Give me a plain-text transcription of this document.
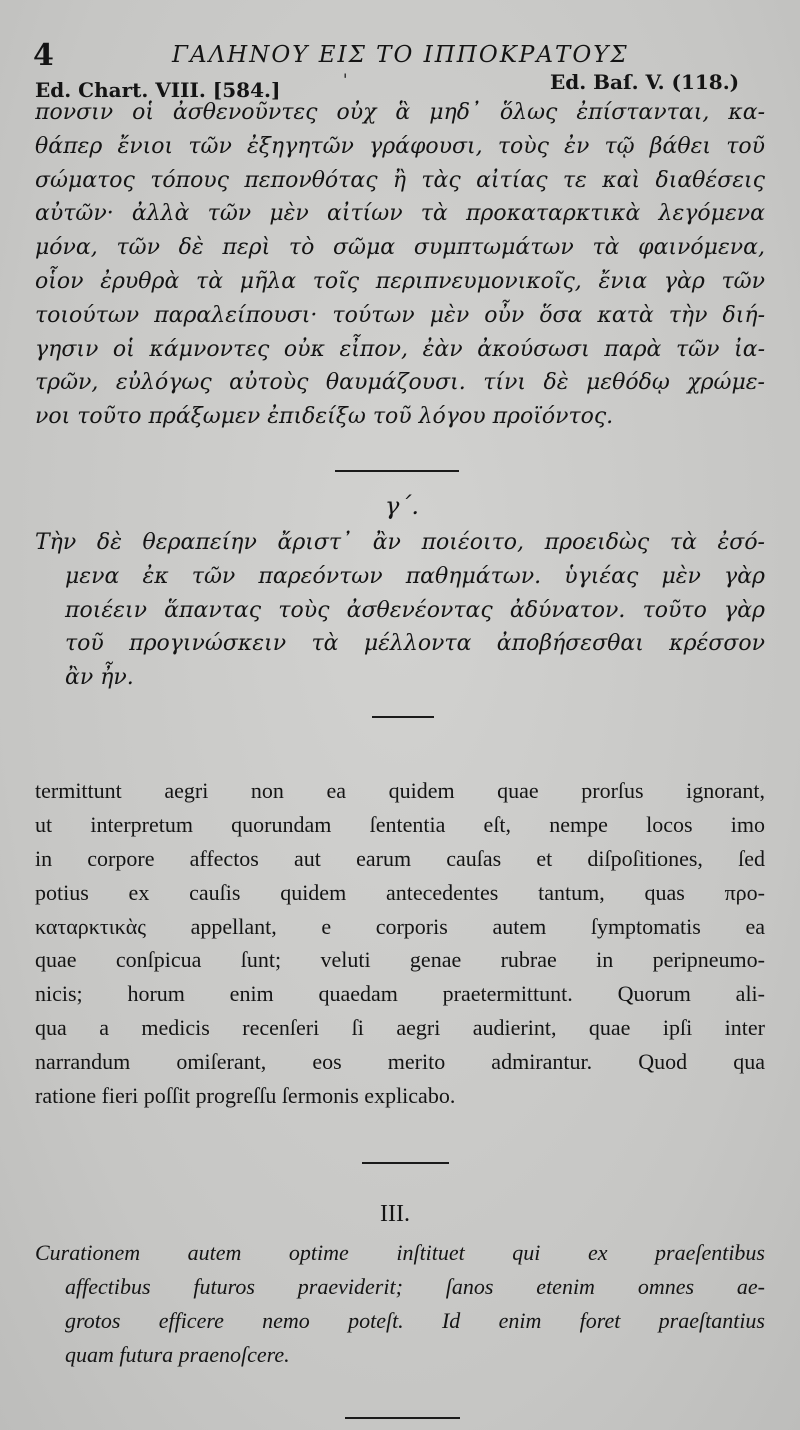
4	ΓΑΛΗΝΟΥ ΕΙΣ ΤΟ ΙΠΠΟΚΡΑΤΟΥΣ
Ed. Chart. VIII. [584.]	'	Ed. Baſ. V. (118.)
πονσιν οἱ ἀσθενοῦντες οὐχ ἃ μηδ᾽ ὅλως ἐπίστανται, κα-
θάπερ ἔνιοι τῶν ἐξηγητῶν γράφουσι, τοὺς ἐν τῷ βάθει τοῦ
σώματος τόπους πεπονθότας ἢ τὰς αἰτίας τε καὶ διαθέσεις
αὐτῶν· ἀλλὰ τῶν μὲν αἰτίων τὰ προκαταρκτικὰ λεγόμενα
μόνα, τῶν δὲ περὶ τὸ σῶμα συμπτωμάτων τὰ φαινόμενα,
οἷον ἐρυθρὰ τὰ μῆλα τοῖς περιπνευμονικοῖς, ἔνια γὰρ τῶν
τοιούτων παραλείπουσι· τούτων μὲν οὖν ὅσα κατὰ τὴν διή-
γησιν οἱ κάμνοντες οὐκ εἶπον, ἐὰν ἀκούσωσι παρὰ τῶν ἰα-
τρῶν, εὐλόγως αὐτοὺς θαυμάζουσι. τίνι δὲ μεθόδῳ χρώμε-
νοι τοῦτο πράξωμεν ἐπιδείξω τοῦ λόγου προϊόντος.
γ΄.
Τὴν δὲ θεραπείην ἄριστ᾽ ἂν ποιέοιτο, προειδὼς τὰ ἐσό-
μενα ἐκ τῶν παρεόντων παθημάτων. ὑγιέας μὲν γὰρ
ποιέειν ἅπαντας τοὺς ἀσθενέοντας ἀδύνατον. τοῦτο γὰρ
τοῦ προγινώσκειν τὰ μέλλοντα ἀποβήσεσθαι κρέσσον
ἂν ἦν.
termittunt aegri non ea quidem quae prorſus ignorant,
ut interpretum quorundam ſententia eſt, nempe locos imo
in corpore affectos aut earum cauſas et diſpoſitiones, ſed
potius ex cauſis quidem antecedentes tantum, quas προ-
καταρκτικὰς appellant, e corporis autem ſymptomatis ea
quae conſpicua ſunt; veluti genae rubrae in peripneumo-
nicis; horum enim quaedam praetermittunt. Quorum ali-
qua a medicis recenſeri ſi aegri audierint, quae ipſi inter
narrandum omiſerant, eos merito admirantur. Quod qua
ratione fieri poſſit progreſſu ſermonis explicabo.
III.
Curationem autem optime inſtituet qui ex praeſentibus
affectibus futuros praeviderit; ſanos etenim omnes ae-
grotos efficere nemo poteſt. Id enim foret praeſtantius
quam futura praenoſcere.
